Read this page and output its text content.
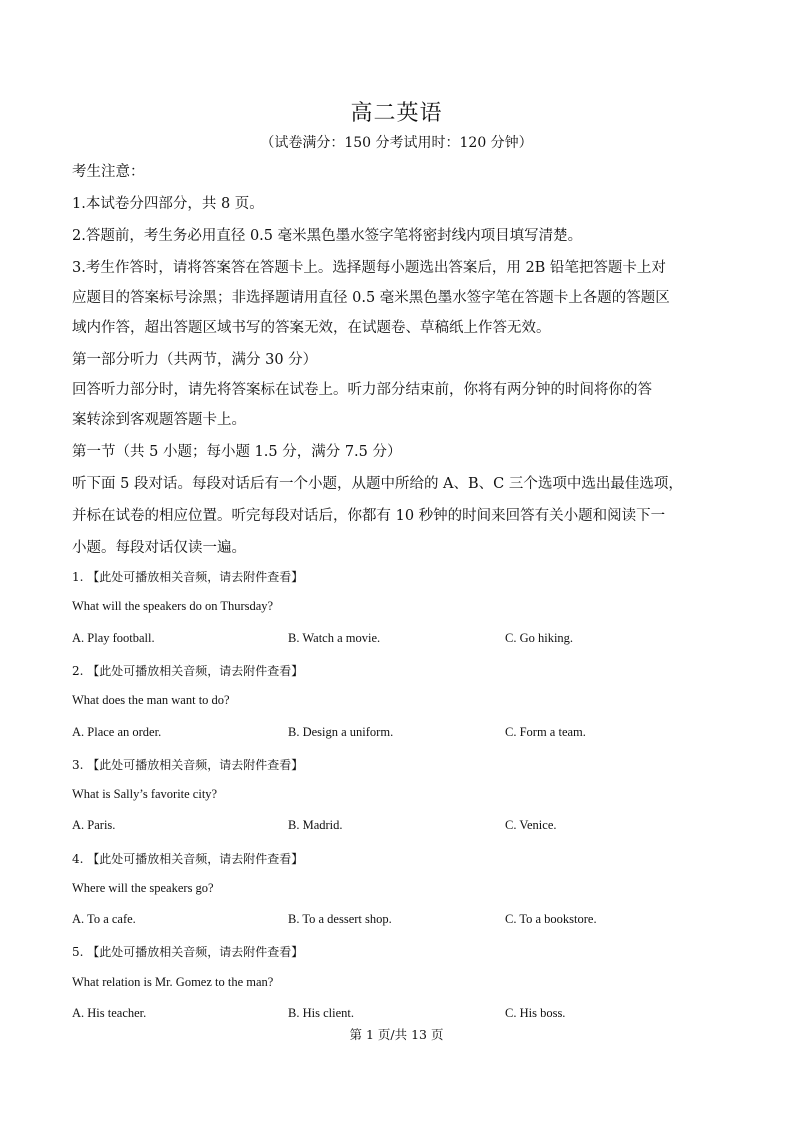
高二英语
（试卷满分：150 分考试用时：120 分钟）
考生注意：
1.本试卷分四部分，共 8 页。
2.答题前，考生务必用直径 0.5 毫米黑色墨水签字笔将密封线内项目填写清楚。
3.考生作答时，请将答案答在答题卡上。选择题每小题选出答案后，用 2B 铅笔把答题卡上对
应题目的答案标号涂黑；非选择题请用直径 0.5 毫米黑色墨水签字笔在答题卡上各题的答题区
域内作答，超出答题区域书写的答案无效，在试题卷、草稿纸上作答无效。
第一部分听力（共两节，满分 30 分）
回答听力部分时，请先将答案标在试卷上。听力部分结束前，你将有两分钟的时间将你的答
案转涂到客观题答题卡上。
第一节（共 5 小题；每小题 1.5 分，满分 7.5 分）
听下面 5 段对话。每段对话后有一个小题，从题中所给的 A、B、C 三个选项中选出最佳选项，
并标在试卷的相应位置。听完每段对话后，你都有 10 秒钟的时间来回答有关小题和阅读下一
小题。每段对话仅读一遍。
1. 【此处可播放相关音频，请去附件查看】
What will the speakers do on Thursday?
A. Play football.	B. Watch a movie.	C. Go hiking.
2. 【此处可播放相关音频，请去附件查看】
What does the man want to do?
A. Place an order.	B. Design a uniform.	C. Form a team.
3. 【此处可播放相关音频，请去附件查看】
What is Sally’s favorite city?
A. Paris.	B. Madrid.	C. Venice.
4. 【此处可播放相关音频，请去附件查看】
Where will the speakers go?
A. To a cafe.	B. To a dessert shop.	C. To a bookstore.
5. 【此处可播放相关音频，请去附件查看】
What relation is Mr. Gomez to the man?
A. His teacher.	B. His client.	C. His boss.
第 1 页/共 13 页
